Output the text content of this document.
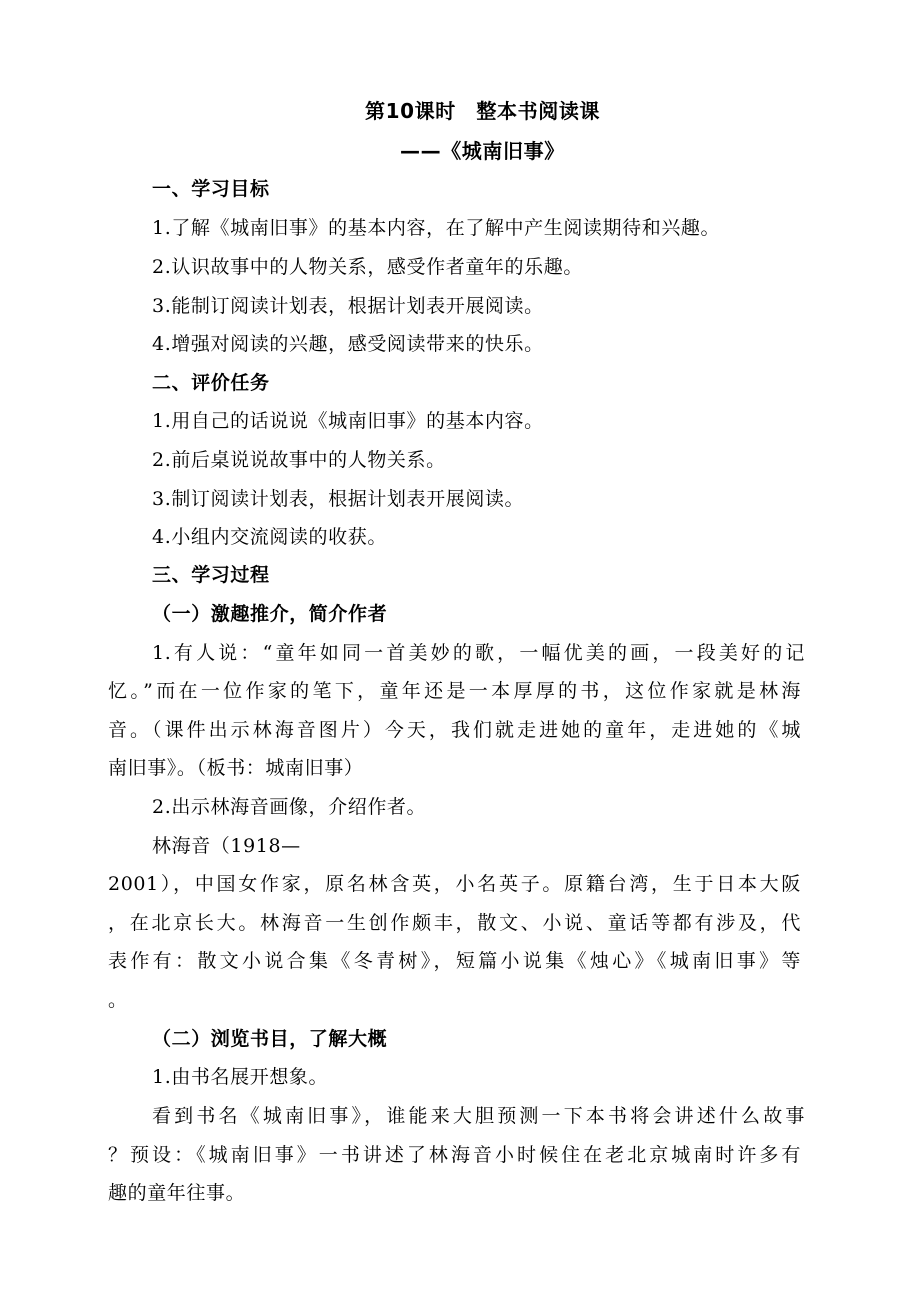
第10课时　整本书阅读课
——《城南旧事》
一、学习目标
1.了解《城南旧事》的基本内容，在了解中产生阅读期待和兴趣。
2.认识故事中的人物关系，感受作者童年的乐趣。
3.能制订阅读计划表，根据计划表开展阅读。
4.增强对阅读的兴趣，感受阅读带来的快乐。
二、评价任务
1.用自己的话说说《城南旧事》的基本内容。
2.前后桌说说故事中的人物关系。
3.制订阅读计划表，根据计划表开展阅读。
4.小组内交流阅读的收获。
三、学习过程
（一）激趣推介，简介作者
1.有人说：“童年如同一首美妙的歌，一幅优美的画，一段美好的记
忆。”而在一位作家的笔下，童年还是一本厚厚的书，这位作家就是林海
音。（课件出示林海音图片）今天，我们就走进她的童年，走进她的《城
南旧事》。（板书：城南旧事）
2.出示林海音画像，介绍作者。
林海音（1918—
2001），中国女作家，原名林含英，小名英子。原籍台湾，生于日本大阪
，在北京长大。林海音一生创作颇丰，散文、小说、童话等都有涉及，代
表作有：散文小说合集《冬青树》，短篇小说集《烛心》《城南旧事》等
。
（二）浏览书目，了解大概
1.由书名展开想象。
看到书名《城南旧事》，谁能来大胆预测一下本书将会讲述什么故事
？预设：《城南旧事》一书讲述了林海音小时候住在老北京城南时许多有
趣的童年往事。
